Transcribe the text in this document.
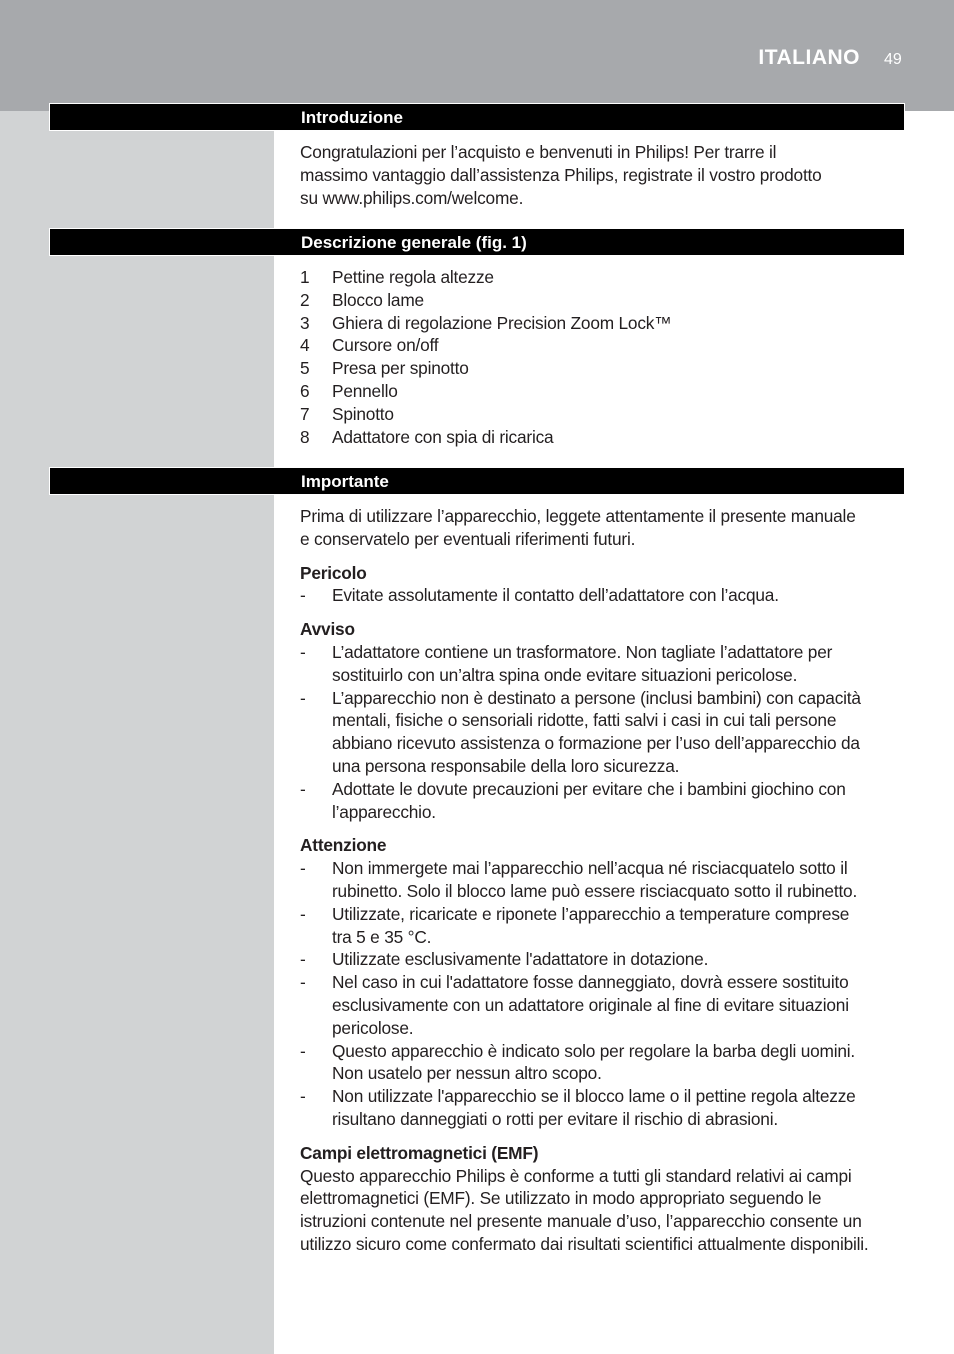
ITALIANO 49
Introduzione

Congratulazioni per l’acquisto e benvenuti in Philips! Per trarre il

massimo vantaggio dall’assistenza Philips, registrate il vostro prodotto

su www.philips.com/welcome.

Descrizione generale (fig. 1)
1 Pettine regola altezze
2 Blocco lame
3 Ghiera di regolazione Precision Zoom Lock™
4 Cursore on/off
5 Presa per spinotto
6 Pennello
7 Spinotto
8 Adattatore con spia di ricarica
Importante

Prima di utilizzare l’apparecchio, leggete attentamente il presente manuale

e conservatelo per eventuali riferimenti futuri.

Pericolo
- Evitate assolutamente il contatto dell’adattatore con l’acqua.
Avviso
- L’adattatore contiene un trasformatore. Non tagliate l’adattatore per
sostituirlo con un’altra spina onde evitare situazioni pericolose.
- L’apparecchio non è destinato a persone (inclusi bambini) con capacità
mentali, fisiche o sensoriali ridotte, fatti salvi i casi in cui tali persone
abbiano ricevuto assistenza o formazione per l’uso dell’apparecchio da
una persona responsabile della loro sicurezza.
- Adottate le dovute precauzioni per evitare che i bambini giochino con
l’apparecchio.
Attenzione
- Non immergete mai l’apparecchio nell’acqua né risciacquatelo sotto il
rubinetto. Solo il blocco lame può essere risciacquato sotto il rubinetto.
- Utilizzate, ricaricate e riponete l’apparecchio a temperature comprese
tra 5 e 35 °C.
- Utilizzate esclusivamente l'adattatore in dotazione.
- Nel caso in cui l'adattatore fosse danneggiato, dovrà essere sostituito
esclusivamente con un adattatore originale al fine di evitare situazioni
pericolose.
- Questo apparecchio è indicato solo per regolare la barba degli uomini.
Non usatelo per nessun altro scopo.
- Non utilizzate l'apparecchio se il blocco lame o il pettine regola altezze
risultano danneggiati o rotti per evitare il rischio di abrasioni.
Campi elettromagnetici (EMF)

Questo apparecchio Philips è conforme a tutti gli standard relativi ai campi

elettromagnetici (EMF). Se utilizzato in modo appropriato seguendo le

istruzioni contenute nel presente manuale d’uso, l’apparecchio consente un

utilizzo sicuro come confermato dai risultati scientifici attualmente disponibili.
